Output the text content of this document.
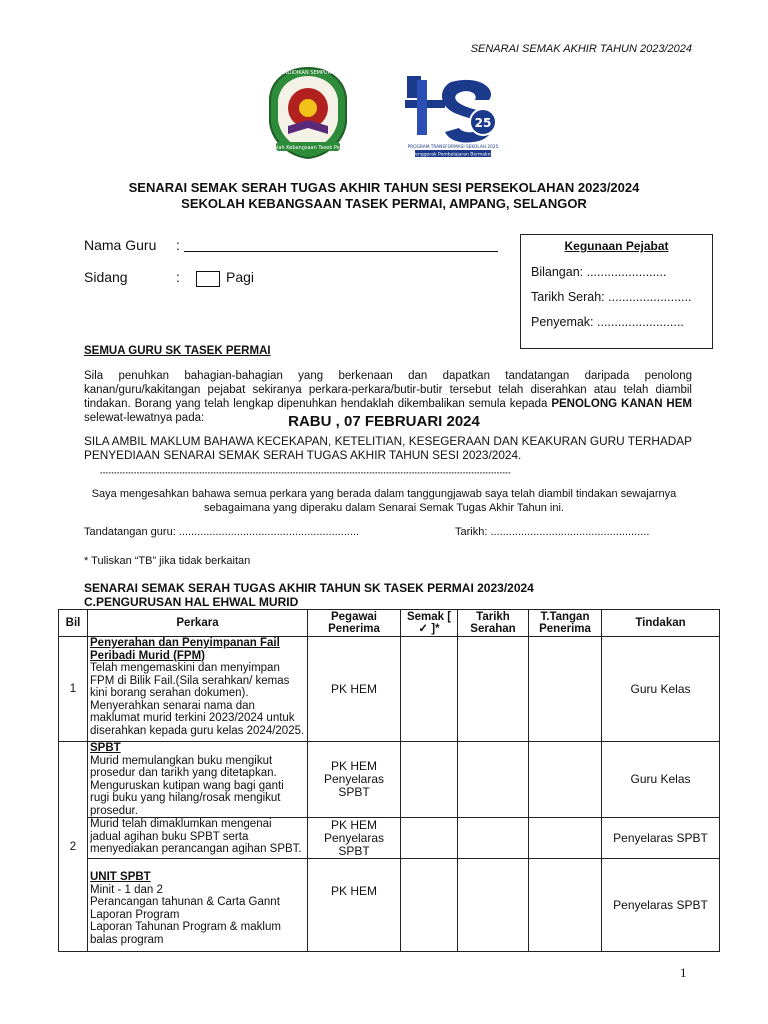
SENARAI SEMAK AKHIR TAHUN 2023/2024
Sekolah Kebangsaan Tasek Permai
PENDIDIKAN SEMPURNA
25
PROGRAM TRANSFORMASI SEKOLAH 2025
Penggerak Pembelajaran Bermakna
SENARAI SEMAK SERAH TUGAS AKHIR TAHUN SESI PERSEKOLAHAN 2023/2024
SEKOLAH KEBANGSAAN TASEK PERMAI, AMPANG, SELANGOR
Nama Guru :
Sidang	:	Pagi
Kegunaan Pejabat
Bilangan: .......................
Tarikh Serah: ........................
Penyemak: .........................
SEMUA GURU SK TASEK PERMAI
Sila penuhkan bahagian-bahagian yang berkenaan dan dapatkan tandatangan daripada penolong kanan/guru/kakitangan pejabat sekiranya perkara-perkara/butir-butir tersebut telah diserahkan atau telah diambil tindakan. Borang yang telah lengkap dipenuhkan hendaklah dikembalikan semula kepada PENOLONG KANAN HEM selewat-lewatnya pada:	RABU , 07 FEBRUARI 2024
SILA AMBIL MAKLUM BAHAWA KECEKAPAN, KETELITIAN, KESEGERAAN DAN KEAKURAN GURU TERHADAP PENYEDIAAN SENARAI SEMAK SERAH TUGAS AKHIR TAHUN SESI 2023/2024.
*************************************************************************************************************************************************
Saya mengesahkan bahawa semua perkara yang berada dalam tanggungjawab saya telah diambil tindakan sewajarnya sebagaimana yang diperaku dalam Senarai Semak Tugas Akhir Tahun ini.
Tandatangan guru: ...........................................................	Tarikh: ....................................................
* Tuliskan “TB” jika tidak berkaitan
SENARAI SEMAK SERAH TUGAS AKHIR TAHUN SK TASEK PERMAI 2023/2024
C.PENGURUSAN HAL EHWAL MURID
Bil	Perkara	Pegawai Penerima	Semak [ ✓ ]*	Tarikh Serahan	T.Tangan Penerima	Tindakan
1	Penyerahan dan Penyimpanan Fail Peribadi Murid (FPM)
Telah mengemaskini dan menyimpan FPM di Bilik Fail.(Sila serahkan/ kemas kini borang serahan dokumen).
Menyerahkan senarai nama dan maklumat murid terkini 2023/2024 untuk diserahkan kepada guru kelas 2024/2025.	PK HEM				Guru Kelas
2	SPBT
Murid memulangkan buku mengikut prosedur dan tarikh yang ditetapkan.
Menguruskan kutipan wang bagi ganti rugi buku yang hilang/rosak mengikut prosedur.	PK HEM Penyelaras SPBT				Guru Kelas

	Murid telah dimaklumkan mengenai jadual agihan buku SPBT serta menyediakan perancangan agihan SPBT.	PK HEM Penyelaras SPBT				Penyelaras SPBT
	UNIT SPBT
Minit - 1 dan 2
Perancangan tahunan & Carta Gannt
Laporan Program
Laporan Tahunan Program & maklum balas program	PK HEM				Penyelaras SPBT
1
